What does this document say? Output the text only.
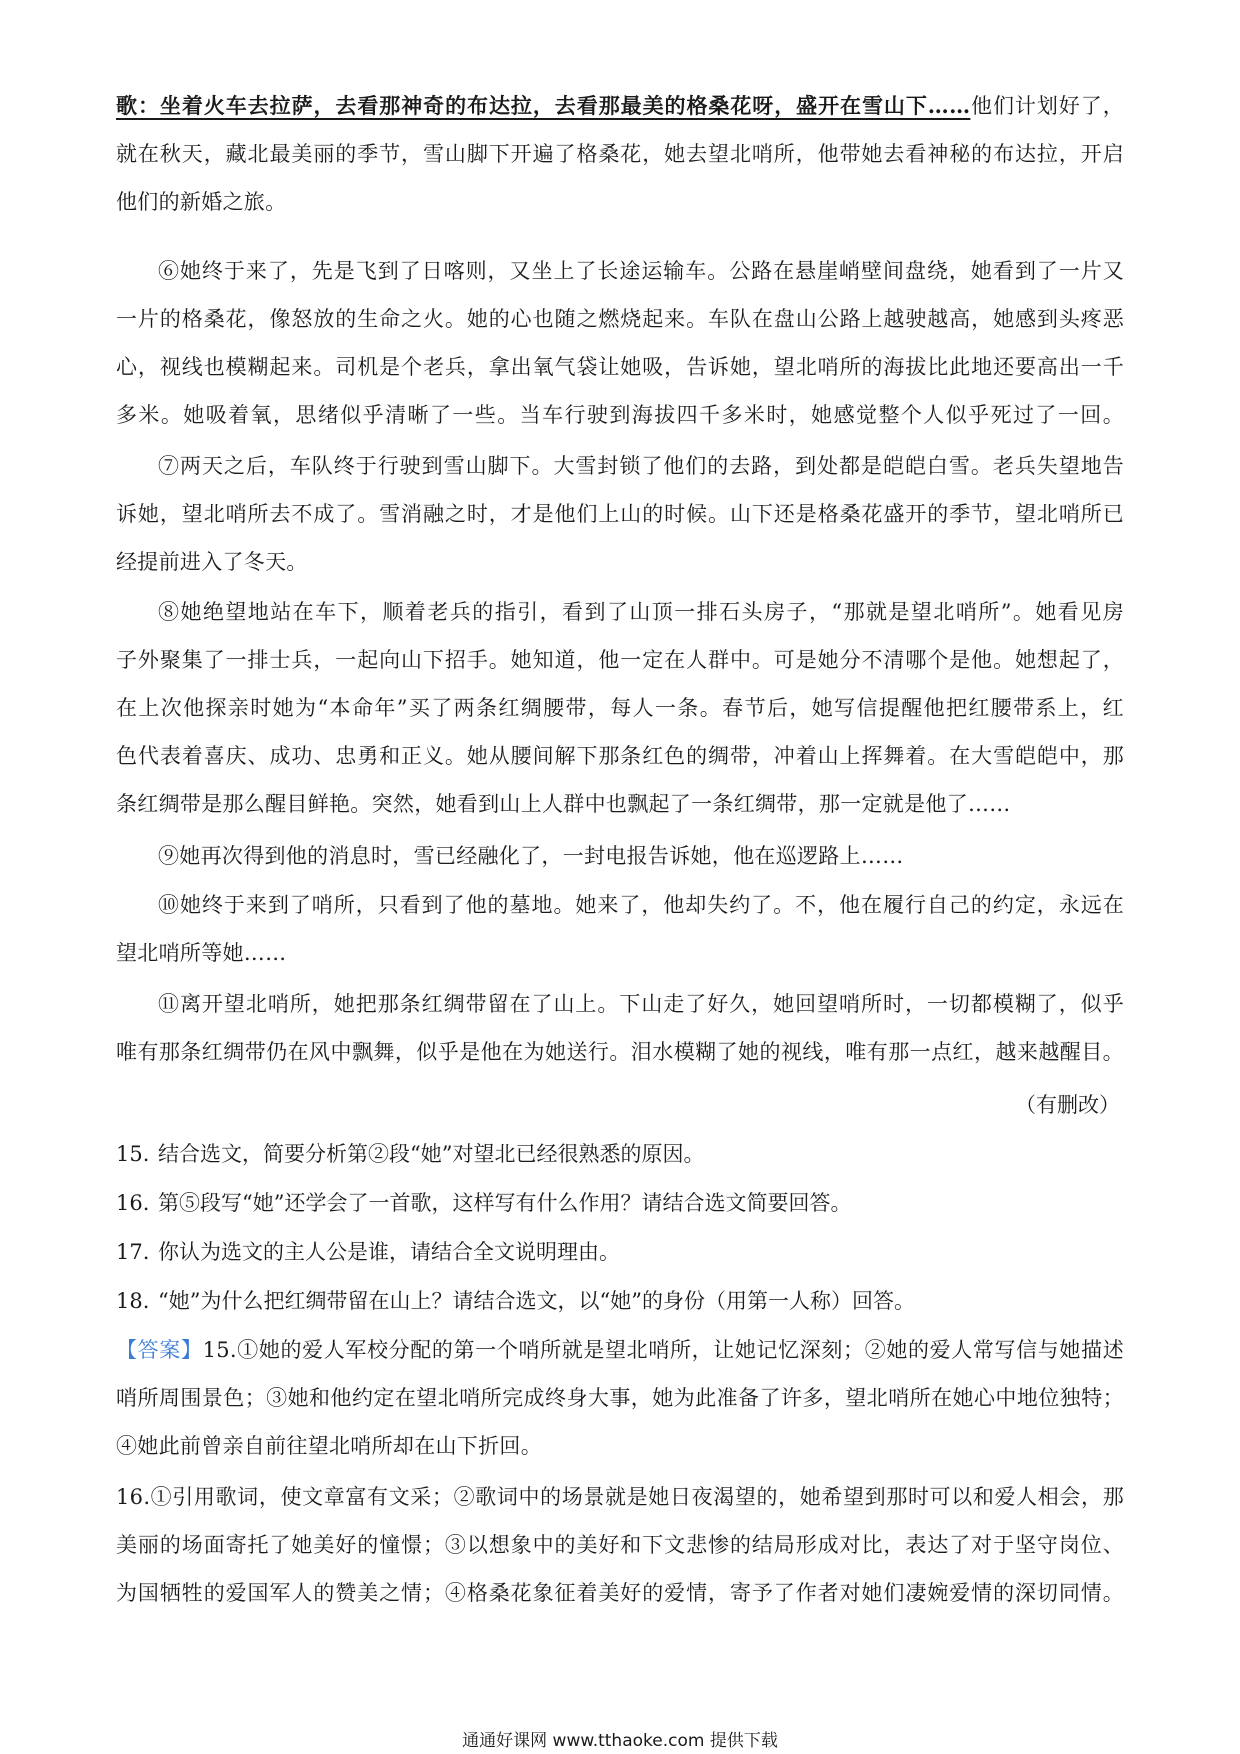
歌：坐着火车去拉萨，去看那神奇的布达拉，去看那最美的格桑花呀，盛开在雪山下……他们计划好了，
就在秋天，藏北最美丽的季节，雪山脚下开遍了格桑花，她去望北哨所，他带她去看神秘的布达拉，开启
他们的新婚之旅。
⑥她终于来了，先是飞到了日喀则，又坐上了长途运输车。公路在悬崖峭壁间盘绕，她看到了一片又
一片的格桑花，像怒放的生命之火。她的心也随之燃烧起来。车队在盘山公路上越驶越高，她感到头疼恶
心，视线也模糊起来。司机是个老兵，拿出氧气袋让她吸，告诉她，望北哨所的海拔比此地还要高出一千
多米。她吸着氧，思绪似乎清晰了一些。当车行驶到海拔四千多米时，她感觉整个人似乎死过了一回。
⑦两天之后，车队终于行驶到雪山脚下。大雪封锁了他们的去路，到处都是皑皑白雪。老兵失望地告
诉她，望北哨所去不成了。雪消融之时，才是他们上山的时候。山下还是格桑花盛开的季节，望北哨所已
经提前进入了冬天。
⑧她绝望地站在车下，顺着老兵的指引，看到了山顶一排石头房子，“那就是望北哨所”。她看见房
子外聚集了一排士兵，一起向山下招手。她知道，他一定在人群中。可是她分不清哪个是他。她想起了，
在上次他探亲时她为“本命年”买了两条红绸腰带，每人一条。春节后，她写信提醒他把红腰带系上，红
色代表着喜庆、成功、忠勇和正义。她从腰间解下那条红色的绸带，冲着山上挥舞着。在大雪皑皑中，那
条红绸带是那么醒目鲜艳。突然，她看到山上人群中也飘起了一条红绸带，那一定就是他了……
⑨她再次得到他的消息时，雪已经融化了，一封电报告诉她，他在巡逻路上……
⑩她终于来到了哨所，只看到了他的墓地。她来了，他却失约了。不，他在履行自己的约定，永远在
望北哨所等她……
⑪离开望北哨所，她把那条红绸带留在了山上。下山走了好久，她回望哨所时，一切都模糊了，似乎
唯有那条红绸带仍在风中飘舞，似乎是他在为她送行。泪水模糊了她的视线，唯有那一点红，越来越醒目。
（有删改）
15. 结合选文，简要分析第②段“她”对望北已经很熟悉的原因。
16. 第⑤段写“她”还学会了一首歌，这样写有什么作用？请结合选文简要回答。
17. 你认为选文的主人公是谁，请结合全文说明理由。
18. “她”为什么把红绸带留在山上？请结合选文，以“她”的身份（用第一人称）回答。
【答案】15.①她的爱人军校分配的第一个哨所就是望北哨所，让她记忆深刻；②她的爱人常写信与她描述
哨所周围景色；③她和他约定在望北哨所完成终身大事，她为此准备了许多，望北哨所在她心中地位独特；
④她此前曾亲自前往望北哨所却在山下折回。
16.①引用歌词，使文章富有文采；②歌词中的场景就是她日夜渴望的，她希望到那时可以和爱人相会，那
美丽的场面寄托了她美好的憧憬；③以想象中的美好和下文悲惨的结局形成对比，表达了对于坚守岗位、
为国牺牲的爱国军人的赞美之情；④格桑花象征着美好的爱情，寄予了作者对她们凄婉爱情的深切同情。
通通好课网 www.tthaoke.com 提供下载
